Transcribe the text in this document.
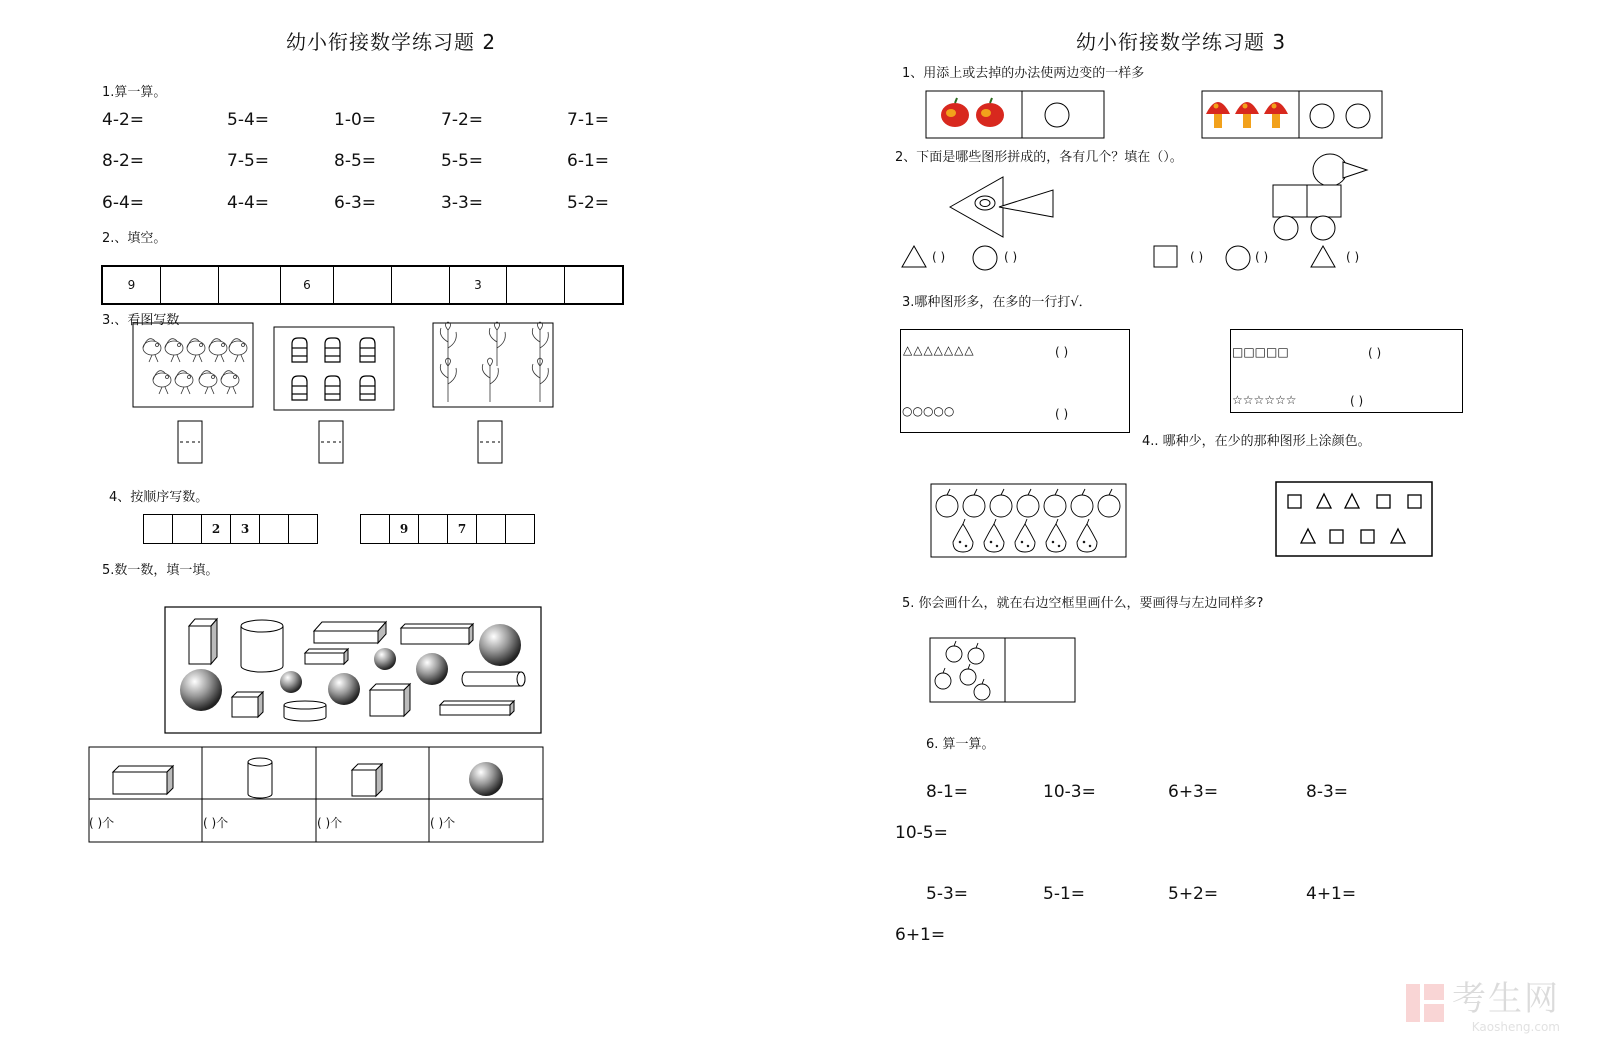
幼小衔接数学练习题 2
1.算一算。
4-2=	5-4=	1-0=	7-2=	7-1=
8-2=	7-5=	8-5=	5-5=	6-1=
6-4=	4-4=	6-3=	3-3=	5-2=
2.、填空。
9	6	3
3.、看图写数
4、按顺序写数。
2	3	9	7
5.数一数，填一填。
( )个	( )个	( )个	( )个
幼小衔接数学练习题 3
1、用添上或去掉的办法使两边变的一样多
2、下面是哪些图形拼成的，各有几个？填在（）。
( )	( )	( )	( )	( )
3.哪种图形多，在多的一行打√．
△△△△△△△	( )
○○○○○	( )
□□□□□	( )
☆☆☆☆☆☆	( )
4.. 哪种少，在少的那种图形上涂颜色。
5. 你会画什么，就在右边空框里画什么，要画得与左边同样多?
6. 算一算。
8-1=	10-3=	6+3=	8-3=
10-5=
5-3=	5-1=	5+2=	4+1=
6+1=
考生网
Kaosheng.com
